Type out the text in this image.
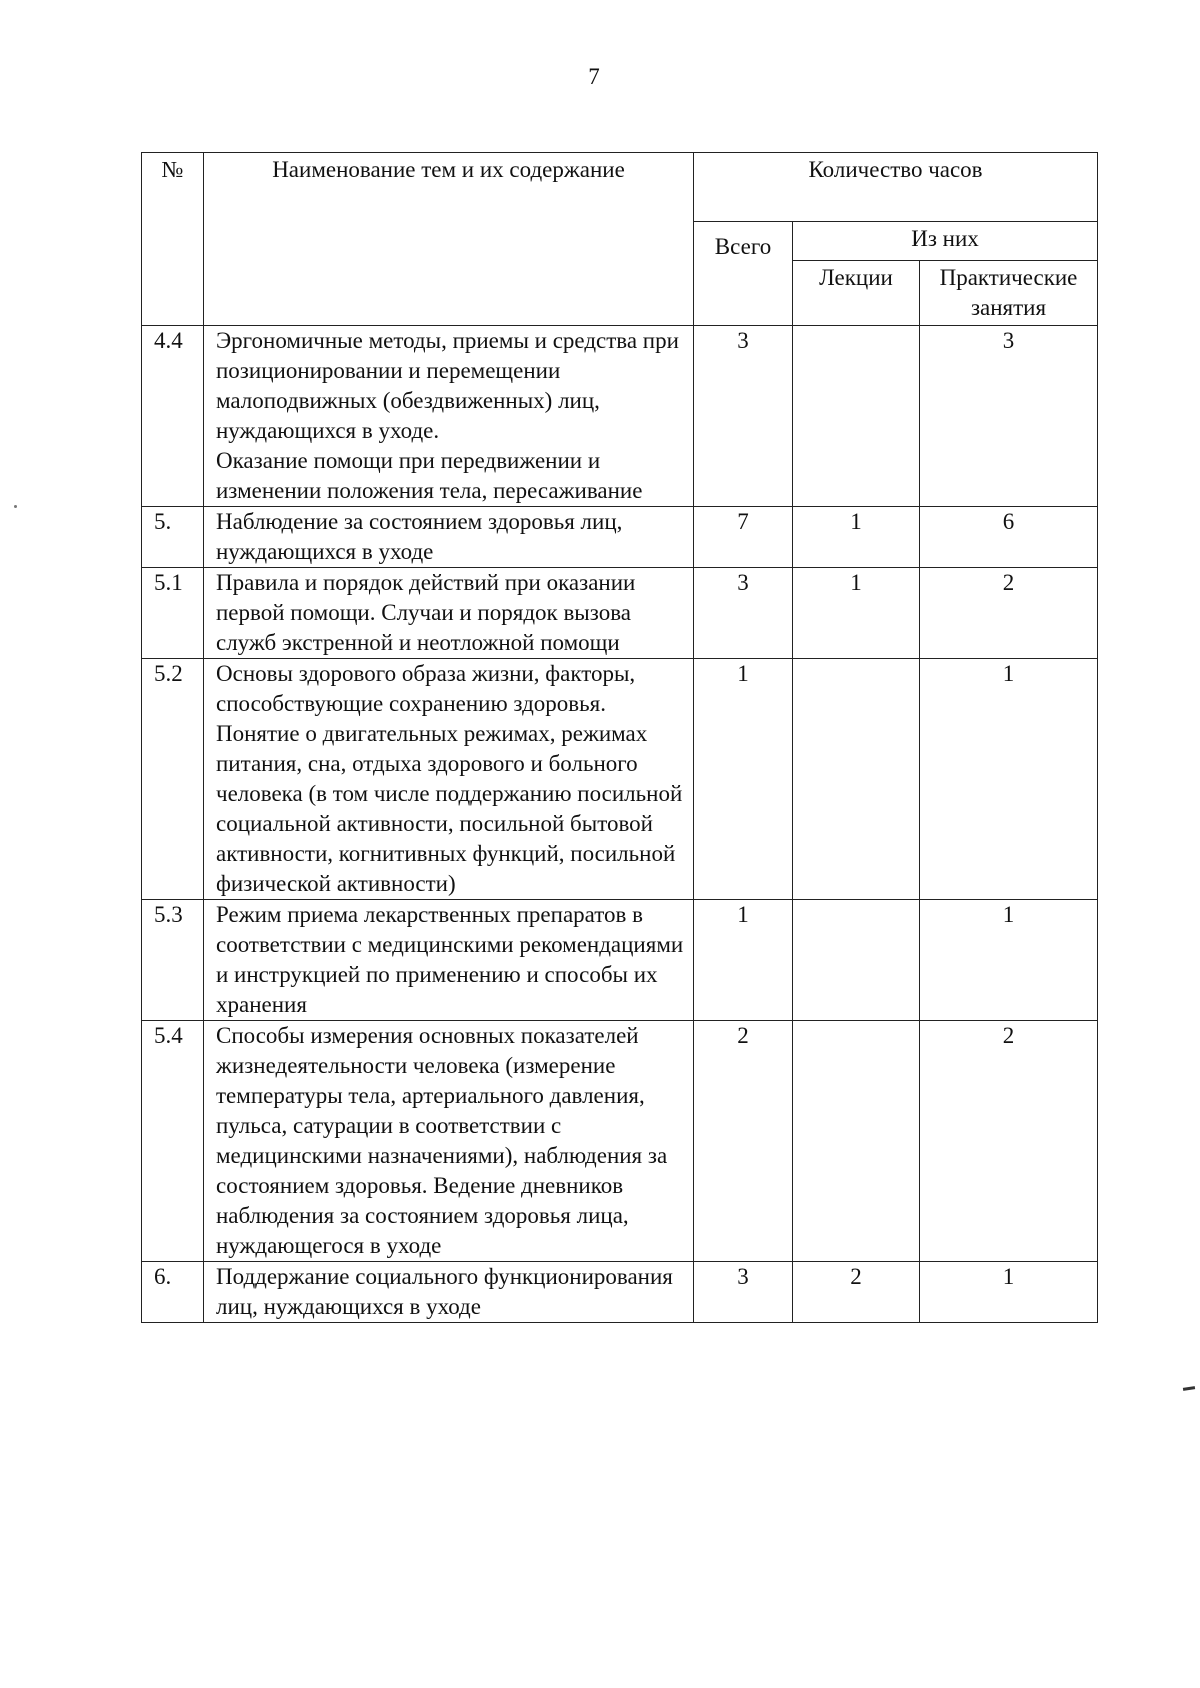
7
№	Наименование тем и их содержание	Количество часов		
		Всего	Из них	
			Лекции	Практические занятия
4.4	Эргономичные методы, приемы и средства при позиционировании и перемещении малоподвижных (обездвиженных) лиц, нуждающихся в уходе.
Оказание помощи при передвижении и изменении положения тела, пересаживание	3		3
5.	Наблюдение за состоянием здоровья лиц, нуждающихся в уходе	7	1	6
5.1	Правила и порядок действий при оказании первой помощи. Случаи и порядок вызова служб экстренной и неотложной помощи	3	1	2
5.2	Основы здорового образа жизни, факторы, способствующие сохранению здоровья. Понятие о двигательных режимах, режимах питания, сна, отдыха здорового и больного человека (в том числе поддержанию посильной социальной активности, посильной бытовой активности, когнитивных функций, посильной физической активности)	1		1
5.3	Режим приема лекарственных препаратов в соответствии с медицинскими рекомендациями и инструкцией по применению и способы их хранения	1		1
5.4	Способы измерения основных показателей жизнедеятельности человека (измерение температуры тела, артериального давления, пульса, сатурации в соответствии с медицинскими назначениями), наблюдения за состоянием здоровья. Ведение дневников наблюдения за состоянием здоровья лица, нуждающегося в уходе	2		2
6.	Поддержание социального функционирования лиц, нуждающихся в уходе	3	2	1
